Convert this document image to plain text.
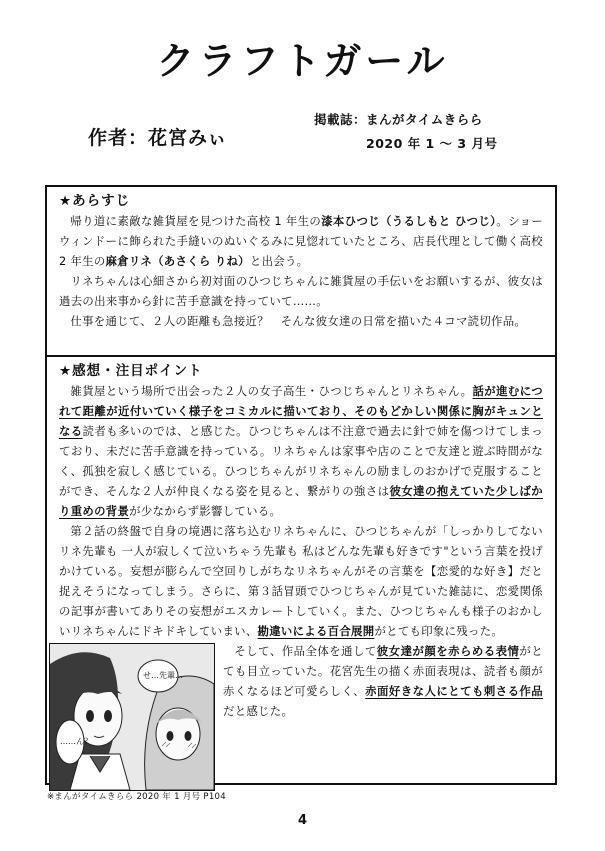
クラフトガール
作者：花宮みぃ
掲載誌：まんがタイムきらら
2020 年 1 ～ 3 月号
★あらすじ

帰り道に素敵な雑貨屋を見つけた高校 1 年生の漆本ひつじ（うるしもと ひつじ）。ショーウィンドーに飾られた手縫いのぬいぐるみに見惚れていたところ、店長代理として働く高校 2 年生の麻倉リネ（あさくら りね）と出会う。

リネちゃんは心細さから初対面のひつじちゃんに雑貨屋の手伝いをお願いするが、彼女は過去の出来事から針に苦手意識を持っていて……。

仕事を通じて、２人の距離も急接近？　そんな彼女達の日常を描いた４コマ読切作品。

★感想・注目ポイント

雑貨屋という場所で出会った２人の女子高生・ひつじちゃんとリネちゃん。話が進むにつれて距離が近付いていく様子をコミカルに描いており、そのもどかしい関係に胸がキュンとなる読者も多いのでは、と感じた。ひつじちゃんは不注意で過去に針で姉を傷つけてしまっており、未だに苦手意識を持っている。リネちゃんは家事や店のことで友達と遊ぶ時間がなく、孤独を寂しく感じている。ひつじちゃんがリネちゃんの励ましのおかげで克服することができ、そんな２人が仲良くなる姿を見ると、繋がりの強さは彼女達の抱えていた少しばかり重めの背景が少なからず影響している。

第２話の終盤で自身の境遇に落ち込むリネちゃんに、ひつじちゃんが「しっかりしてないリネ先輩も 一人が寂しくて泣いちゃう先輩も 私はどんな先輩も好きです"という言葉を投げかけている。妄想が膨らんで空回りしがちなリネちゃんがその言葉を【恋愛的な好き】だと捉えそうになってしまう。さらに、第３話冒頭でひつじちゃんが見ていた雑誌に、恋愛関係の記事が書いてありその妄想がエスカレートしていく。また、ひつじちゃんも様子のおかしいリネちゃんにドキドキしていまい、勘違いによる百合展開がとても印象に残った。

せ…先輩…
……ん？

そして、作品全体を通して彼女達が顔を赤らめる表情がとても目立っていた。花宮先生の描く赤面表現は、読者も顔が赤くなるほど可愛らしく、赤面好きな人にとても刺さる作品だと感じた。

※まんがタイムきらら 2020 年 1 月号 P104
4
